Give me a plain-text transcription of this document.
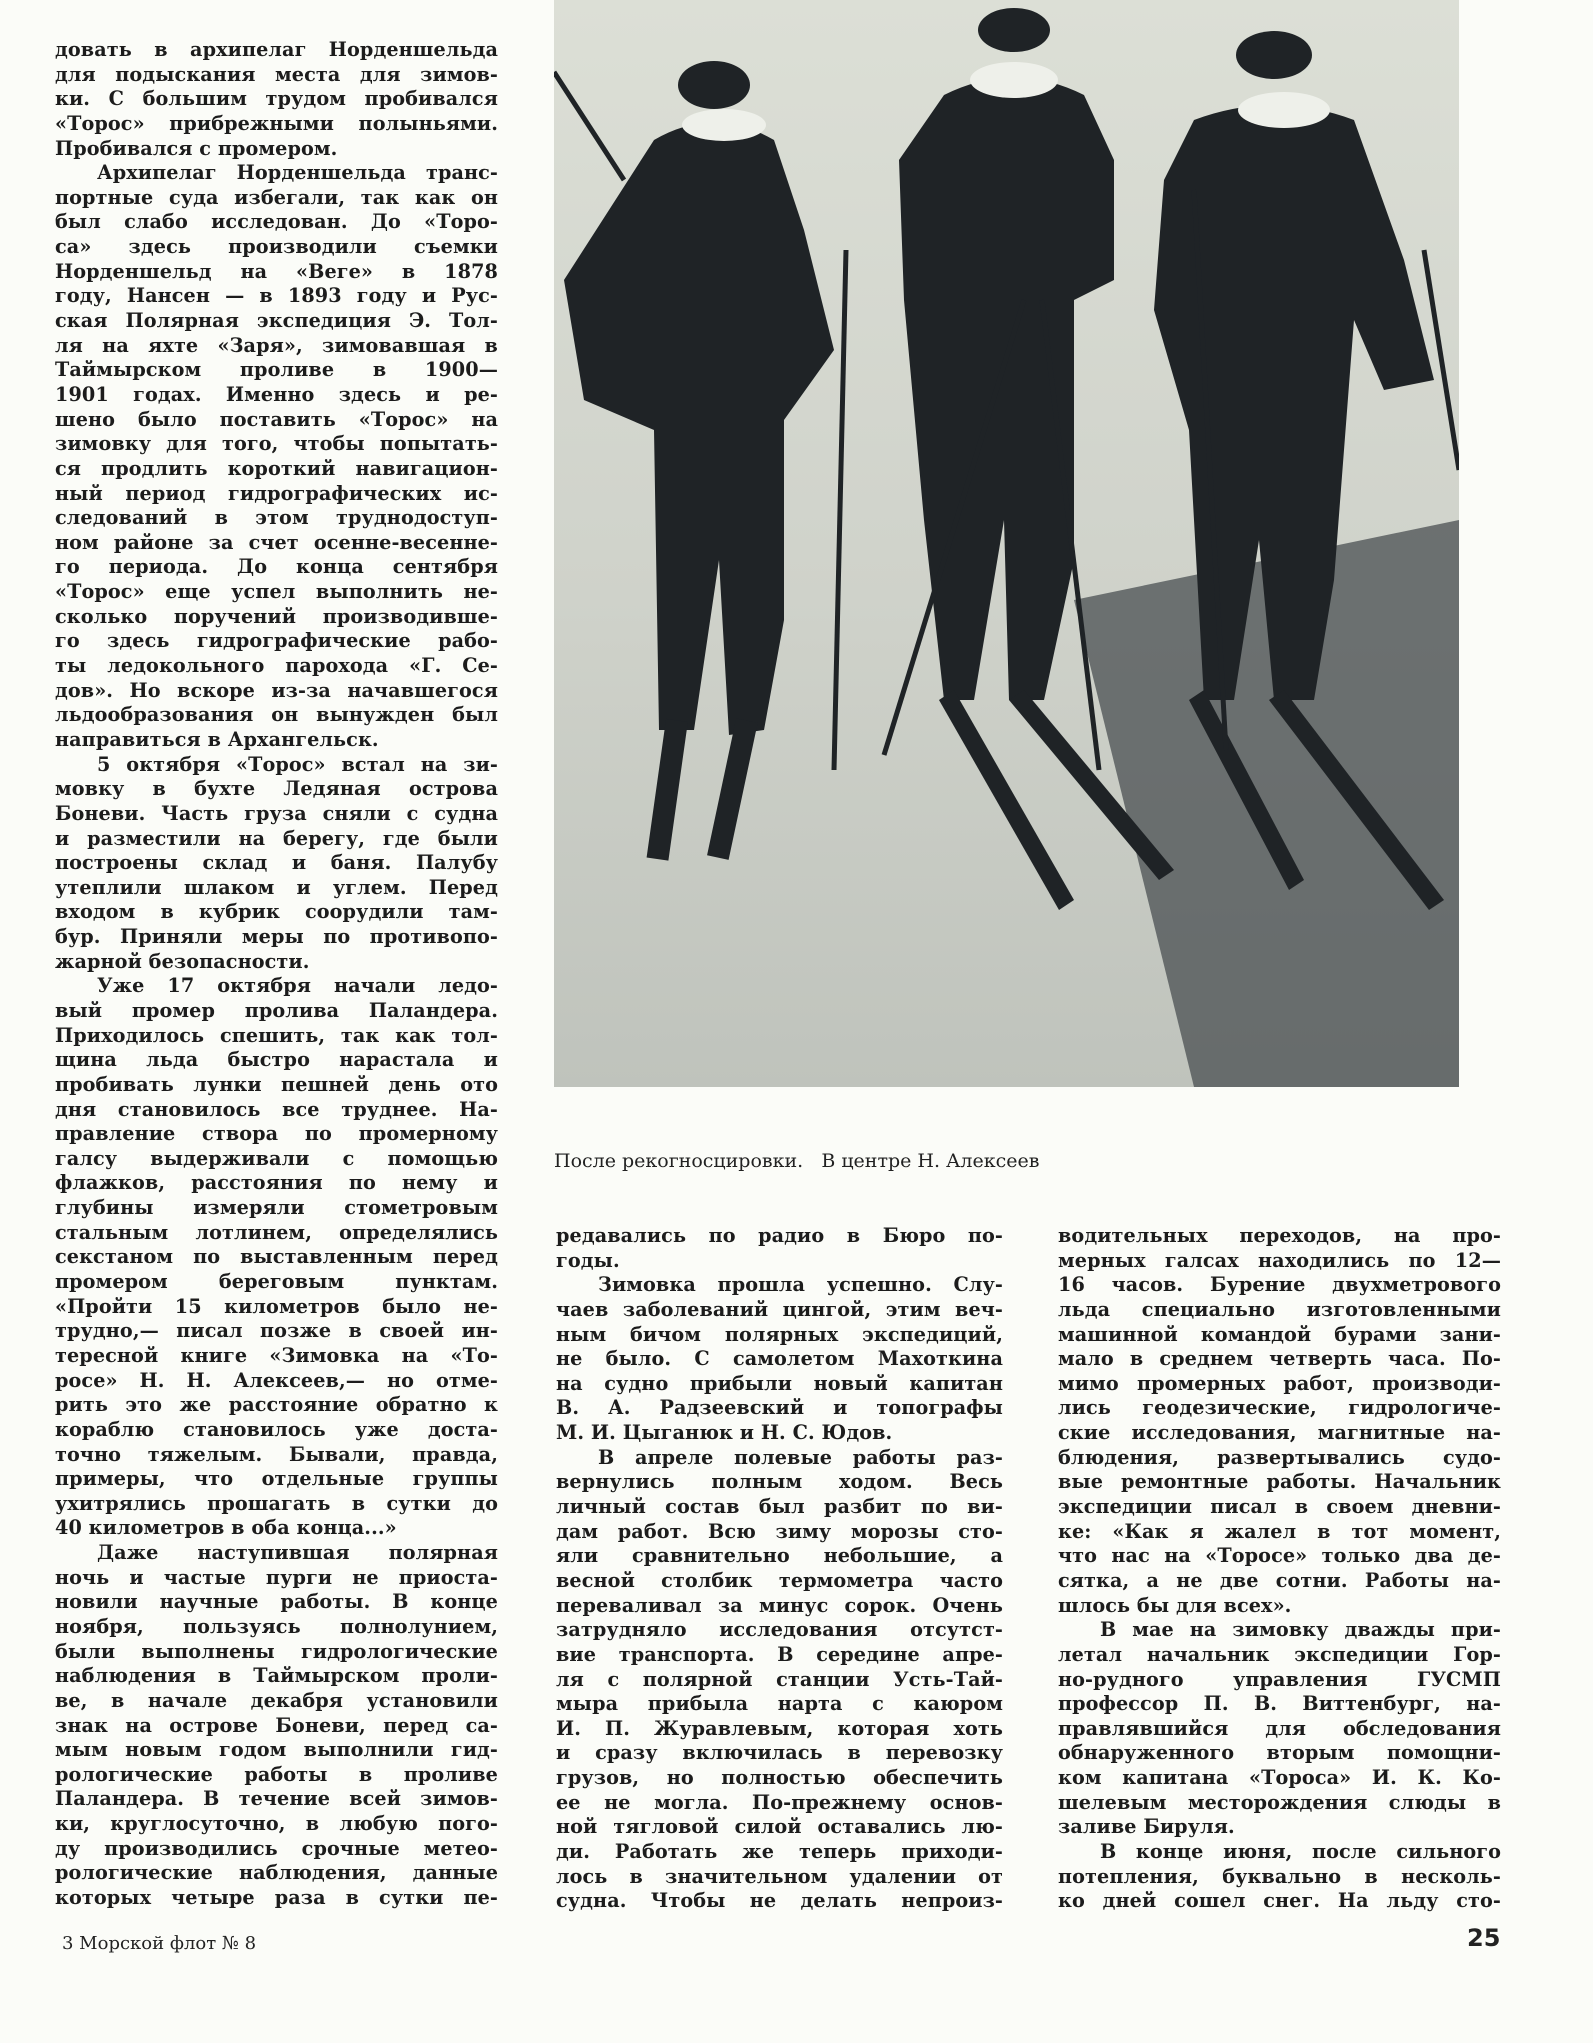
довать в архипелаг Норденшельда
для подыскания места для зимов-
ки. С большим трудом пробивался
«Торос» прибрежными полыньями.
Пробивался с промером.
Архипелаг Норденшельда транс-
портные суда избегали, так как он
был слабо исследован. До «Торо-
са» здесь производили съемки
Норденшельд на «Веге» в 1878
году, Нансен — в 1893 году и Рус-
ская Полярная экспедиция Э. Тол-
ля на яхте «Заря», зимовавшая в
Таймырском проливе в 1900—
1901 годах. Именно здесь и ре-
шено было поставить «Торос» на
зимовку для того, чтобы попытать-
ся продлить короткий навигацион-
ный период гидрографических ис-
следований в этом труднодоступ-
ном районе за счет осенне-весенне-
го периода. До конца сентября
«Торос» еще успел выполнить не-
сколько поручений производивше-
го здесь гидрографические рабо-
ты ледокольного парохода «Г. Се-
дов». Но вскоре из-за начавшегося
льдообразования он вынужден был
направиться в Архангельск.
5 октября «Торос» встал на зи-
мовку в бухте Ледяная острова
Боневи. Часть груза сняли с судна
и разместили на берегу, где были
построены склад и баня. Палубу
утеплили шлаком и углем. Перед
входом в кубрик соорудили там-
бур. Приняли меры по противопо-
жарной безопасности.
Уже 17 октября начали ледо-
вый промер пролива Паландера.
Приходилось спешить, так как тол-
щина льда быстро нарастала и
пробивать лунки пешней день ото
дня становилось все труднее. На-
правление створа по промерному
галсу выдерживали с помощью
флажков, расстояния по нему и
глубины измеряли стометровым
стальным лотлинем, определялись
секстаном по выставленным перед
промером береговым пунктам.
«Пройти 15 километров было не-
трудно,— писал позже в своей ин-
тересной книге «Зимовка на «То-
росе» Н. Н. Алексеев,— но отме-
рить это же расстояние обратно к
кораблю становилось уже доста-
точно тяжелым. Бывали, правда,
примеры, что отдельные группы
ухитрялись прошагать в сутки до
40 километров в оба конца...»
Даже наступившая полярная
ночь и частые пурги не приоста-
новили научные работы. В конце
ноября, пользуясь полнолунием,
были выполнены гидрологические
наблюдения в Таймырском проли-
ве, в начале декабря установили
знак на острове Боневи, перед са-
мым новым годом выполнили гид-
рологические работы в проливе
Паландера. В течение всей зимов-
ки, круглосуточно, в любую пого-
ду производились срочные метео-
рологические наблюдения, данные
которых четыре раза в сутки пе-
После рекогносцировки. В центре Н. Алексеев
редавались по радио в Бюро по-
годы.
Зимовка прошла успешно. Слу-
чаев заболеваний цингой, этим веч-
ным бичом полярных экспедиций,
не было. С самолетом Махоткина
на судно прибыли новый капитан
В. А. Радзеевский и топографы
М. И. Цыганюк и Н. С. Юдов.
В апреле полевые работы раз-
вернулись полным ходом. Весь
личный состав был разбит по ви-
дам работ. Всю зиму морозы сто-
яли сравнительно небольшие, а
весной столбик термометра часто
переваливал за минус сорок. Очень
затрудняло исследования отсутст-
вие транспорта. В середине апре-
ля с полярной станции Усть-Тай-
мыра прибыла нарта с каюром
И. П. Журавлевым, которая хоть
и сразу включилась в перевозку
грузов, но полностью обеспечить
ее не могла. По-прежнему основ-
ной тягловой силой оставались лю-
ди. Работать же теперь приходи-
лось в значительном удалении от
судна. Чтобы не делать непроиз-
водительных переходов, на про-
мерных галсах находились по 12—
16 часов. Бурение двухметрового
льда специально изготовленными
машинной командой бурами зани-
мало в среднем четверть часа. По-
мимо промерных работ, производи-
лись геодезические, гидрологиче-
ские исследования, магнитные на-
блюдения, развертывались судо-
вые ремонтные работы. Начальник
экспедиции писал в своем дневни-
ке: «Как я жалел в тот момент,
что нас на «Торосе» только два де-
сятка, а не две сотни. Работы на-
шлось бы для всех».
В мае на зимовку дважды при-
летал начальник экспедиции Гор-
но-рудного управления ГУСМП
профессор П. В. Виттенбург, на-
правлявшийся для обследования
обнаруженного вторым помощни-
ком капитана «Тороса» И. К. Ко-
шелевым месторождения слюды в
заливе Бируля.
В конце июня, после сильного
потепления, буквально в несколь-
ко дней сошел снег. На льду сто-
3 Морской флот № 8	25
